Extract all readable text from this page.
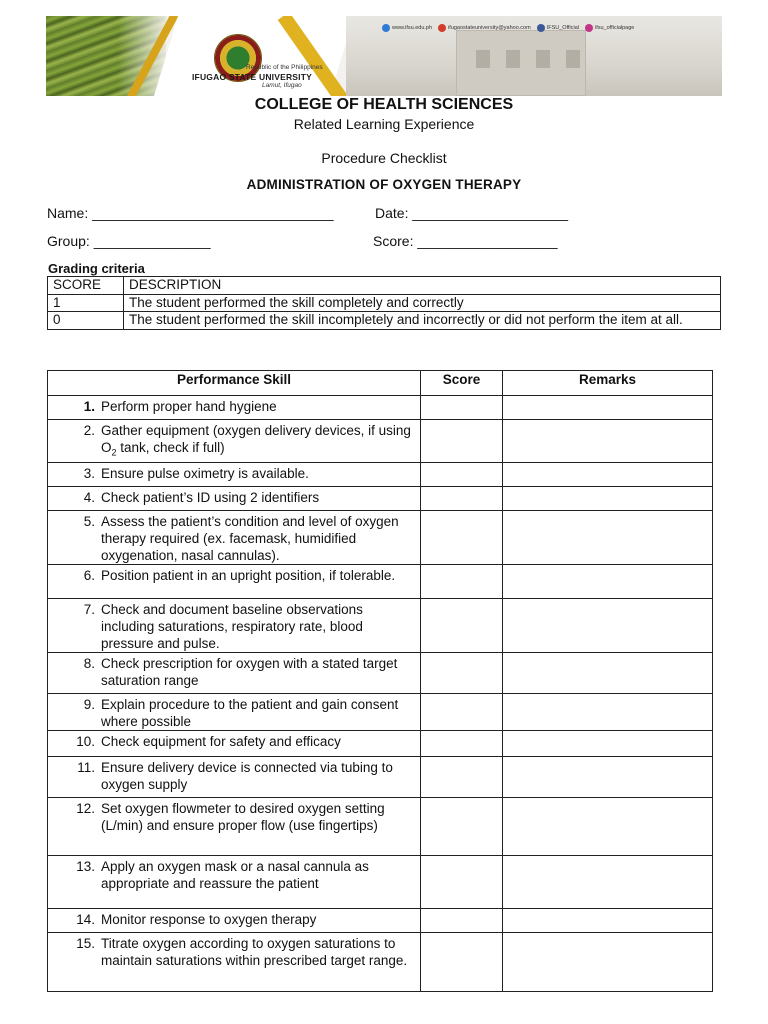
Republic of the Philippines
IFUGAO STATE UNIVERSITY
Lamut, Ifugao
www.ifsu.edu.ph	ifugaostateuniversity@yahoo.com	IFSU_Official	ifsu_officialpage
COLLEGE OF HEALTH SCIENCES
Related Learning Experience
Procedure Checklist
ADMINISTRATION OF OXYGEN THERAPY
Name: _______________________________	Date: ____________________
Group: _______________	Score: __________________
Grading criteria
SCORE	DESCRIPTION
1	The student performed the skill completely and correctly
0	The student performed the skill incompletely and incorrectly or did not perform the item at all.
Performance Skill	Score	Remarks

1. Perform proper hand hygiene		

2. Gather equipment (oxygen delivery devices, if using $O_2$ tank, check if full)		

3. Ensure pulse oximetry is available.		

4. Check patient’s ID using 2 identifiers		

5. Assess the patient’s condition and level of oxygen therapy required (ex. facemask, humidified oxygenation, nasal cannulas).		

6. Position patient in an upright position, if tolerable.		

7. Check and document baseline observations including saturations, respiratory rate, blood pressure and pulse.		

8. Check prescription for oxygen with a stated target saturation range		

9. Explain procedure to the patient and gain consent where possible		

10. Check equipment for safety and efficacy		

11. Ensure delivery device is connected via tubing to oxygen supply		

12. Set oxygen flowmeter to desired oxygen setting (L/min) and ensure proper flow (use fingertips)		

13. Apply an oxygen mask or a nasal cannula as appropriate and reassure the patient		

14. Monitor response to oxygen therapy		

15. Titrate oxygen according to oxygen saturations to maintain saturations within prescribed target range.		
